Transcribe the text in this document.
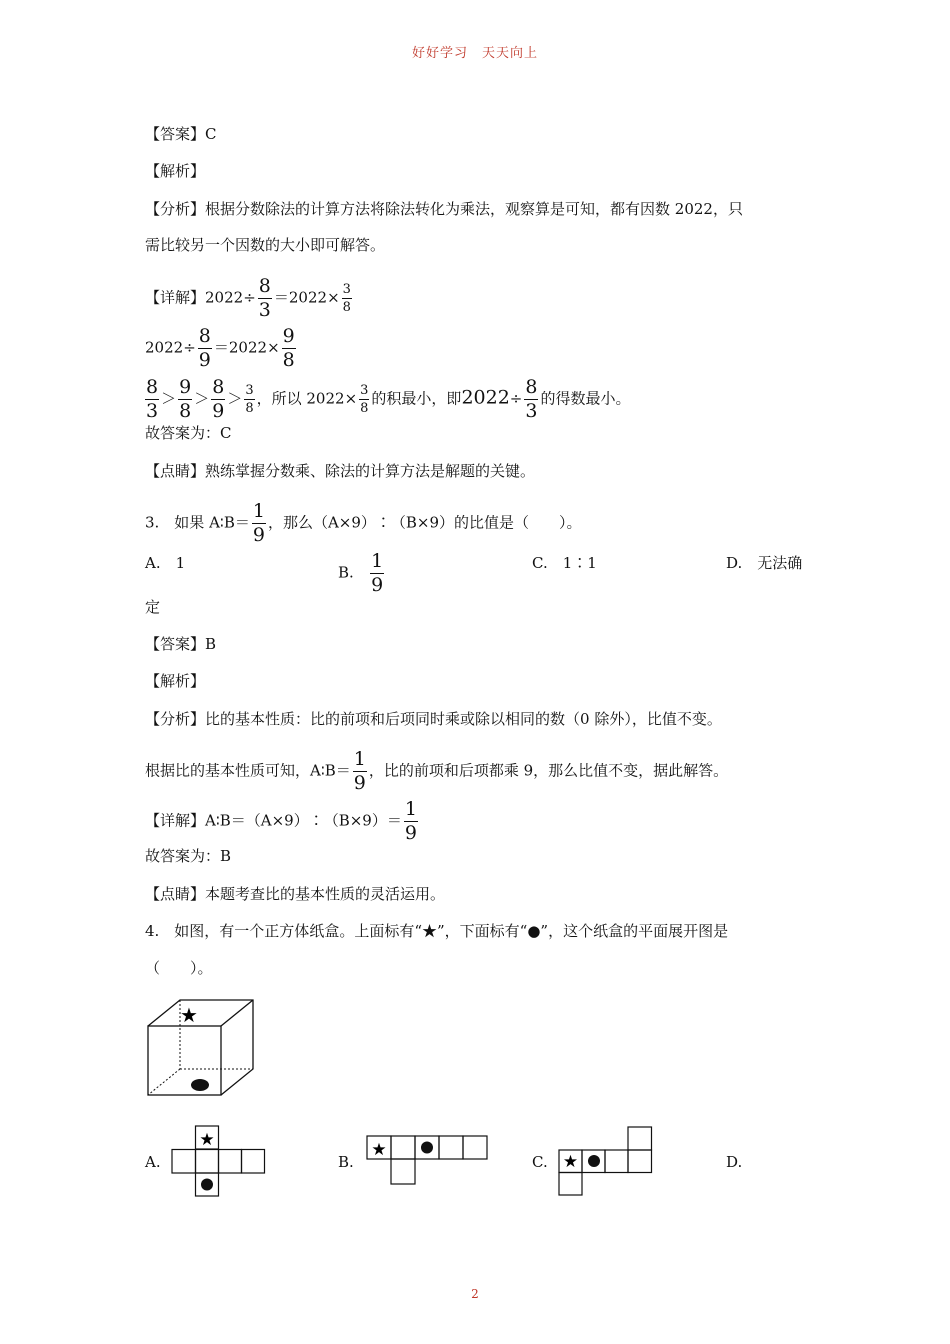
好好学习　天天向上
【答案】C
【解析】
【分析】根据分数除法的计算方法将除法转化为乘法，观察算是可知，都有因数 2022，只
需比较另一个因数的大小即可解答。
【详解】$2022\div \frac{8}{3} =2022\times \frac{3}{8}$
$2022\div \frac{8}{9} =2022\times \frac{9}{8}$
$\frac{8}{3} > \frac{9}{8} > \frac{8}{9} > \frac{3}{8}$ ，所以 $2022\times \frac{3}{8}$ 的积最小，即$2022\div \frac{8}{3}$ 的得数最小。
故答案为：C
【点睛】熟练掌握分数乘、除法的计算方法是解题的关键。
3.　如果 A∶B＝ $\frac{1}{9}$ ，那么（A×9）∶（B×9）的比值是（　　）。
A.　1
B. $\frac{1}{9}$	C.　1∶1	D.　无法确
定
【答案】B
【解析】
【分析】比的基本性质：比的前项和后项同时乘或除以相同的数（0 除外），比值不变。
根据比的基本性质可知，A∶B＝ $\frac{1}{9}$ ，比的前项和后项都乘 9，那么比值不变，据此解答。
【详解】A∶B＝（A×9）∶（B×9）＝ $\frac{1}{9}$
故答案为：B
【点睛】本题考查比的基本性质的灵活运用。
4.　如图，有一个正方体纸盒。上面标有“★”，下面标有“●”，这个纸盒的平面展开图是
（　　）。
★
A.
★
B.
★
C. ★	D.
2
